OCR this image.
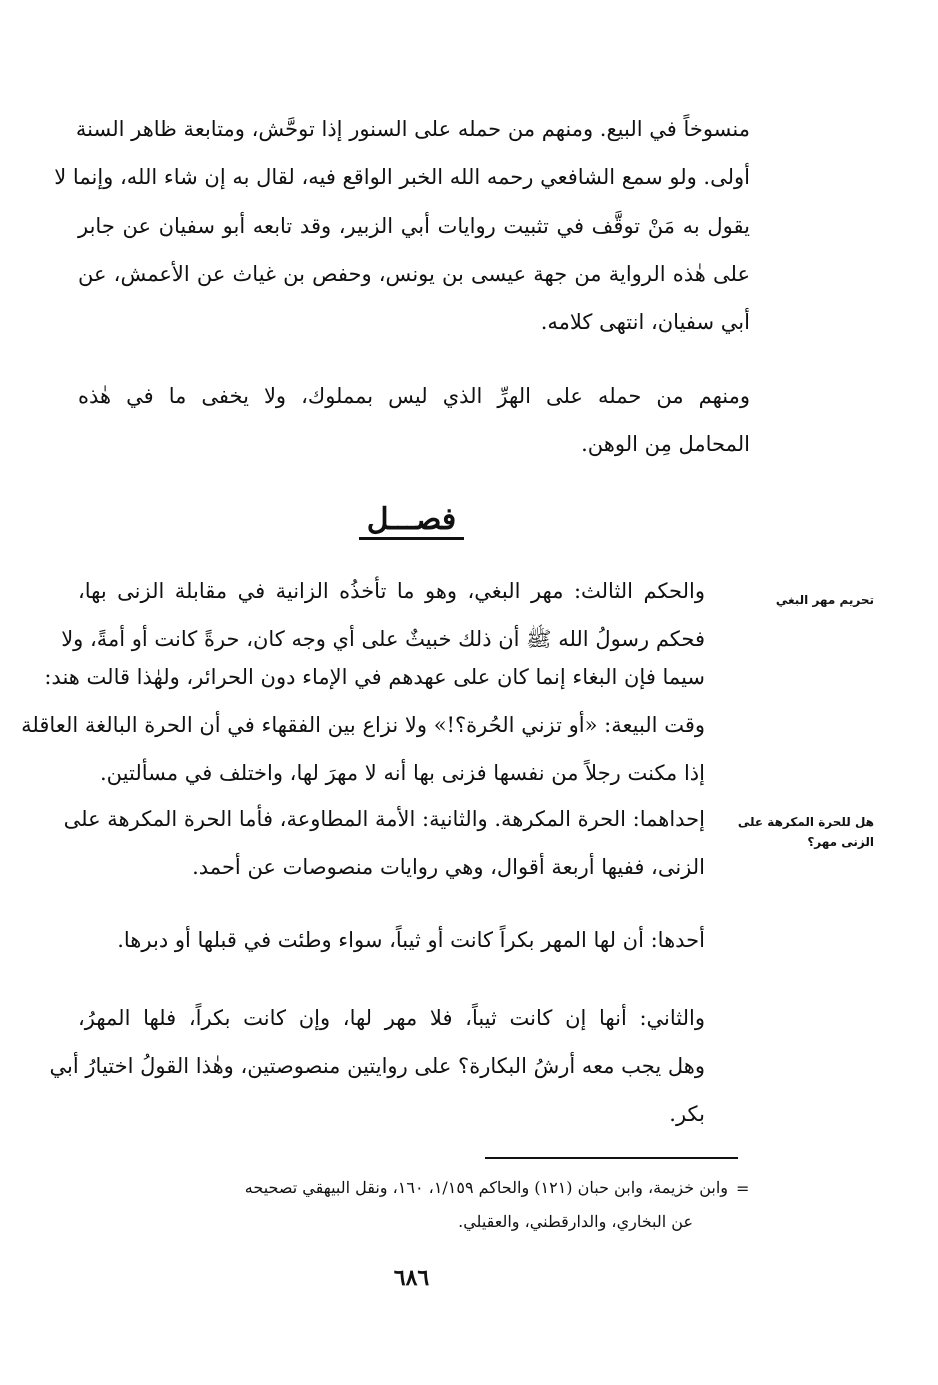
منسوخاً في البيع. ومنهم من حمله على السنور إذا توحَّش، ومتابعة ظاهر السنة
أولى. ولو سمع الشافعي رحمه الله الخبر الواقع فيه، لقال به إن شاء الله، وإنما لا
يقول به مَنْ توقَّف في تثبيت روايات أبي الزبير، وقد تابعه أبو سفيان عن جابر
على هٰذه الرواية من جهة عيسى بن يونس، وحفص بن غياث عن الأعمش، عن
أبي سفيان، انتهى كلامه.
ومنهم من حمله على الهرِّ الذي ليس بمملوك، ولا يخفى ما في هٰذه
المحامل مِن الوهن.
فصـــل
تحريم مهر البغي
هل للحرة المكرهة على
الزنى مهر؟
والحكم الثالث: مهر البغي، وهو ما تأخذُه الزانية في مقابلة الزنى بها،
فحكم رسولُ الله ﷺ أن ذلك خبيثٌ على أي وجه كان، حرةً كانت أو أمةً، ولا
سيما فإن البغاء إنما كان على عهدهم في الإماء دون الحرائر، ولهٰذا قالت هند:
وقت البيعة: «أو تزني الحُرة؟!» ولا نزاع بين الفقهاء في أن الحرة البالغة العاقلة
إذا مكنت رجلاً من نفسها فزنى بها أنه لا مهرَ لها، واختلف في مسألتين.
إحداهما: الحرة المكرهة. والثانية: الأمة المطاوعة، فأما الحرة المكرهة على
الزنى، ففيها أربعة أقوال، وهي روايات منصوصات عن أحمد.
أحدها: أن لها المهر بكراً كانت أو ثيباً، سواء وطئت في قبلها أو دبرها.
والثاني: أنها إن كانت ثيباً، فلا مهر لها، وإن كانت بكراً، فلها المهرُ،
وهل يجب معه أرشُ البكارة؟ على روايتين منصوصتين، وهٰذا القولُ اختيارُ أبي
بكر.
=
وابن خزيمة، وابن حبان (١٢١) والحاكم ١/١٥٩، ١٦٠، ونقل البيهقي تصحيحه
عن البخاري، والدارقطني، والعقيلي.
٦٨٦
